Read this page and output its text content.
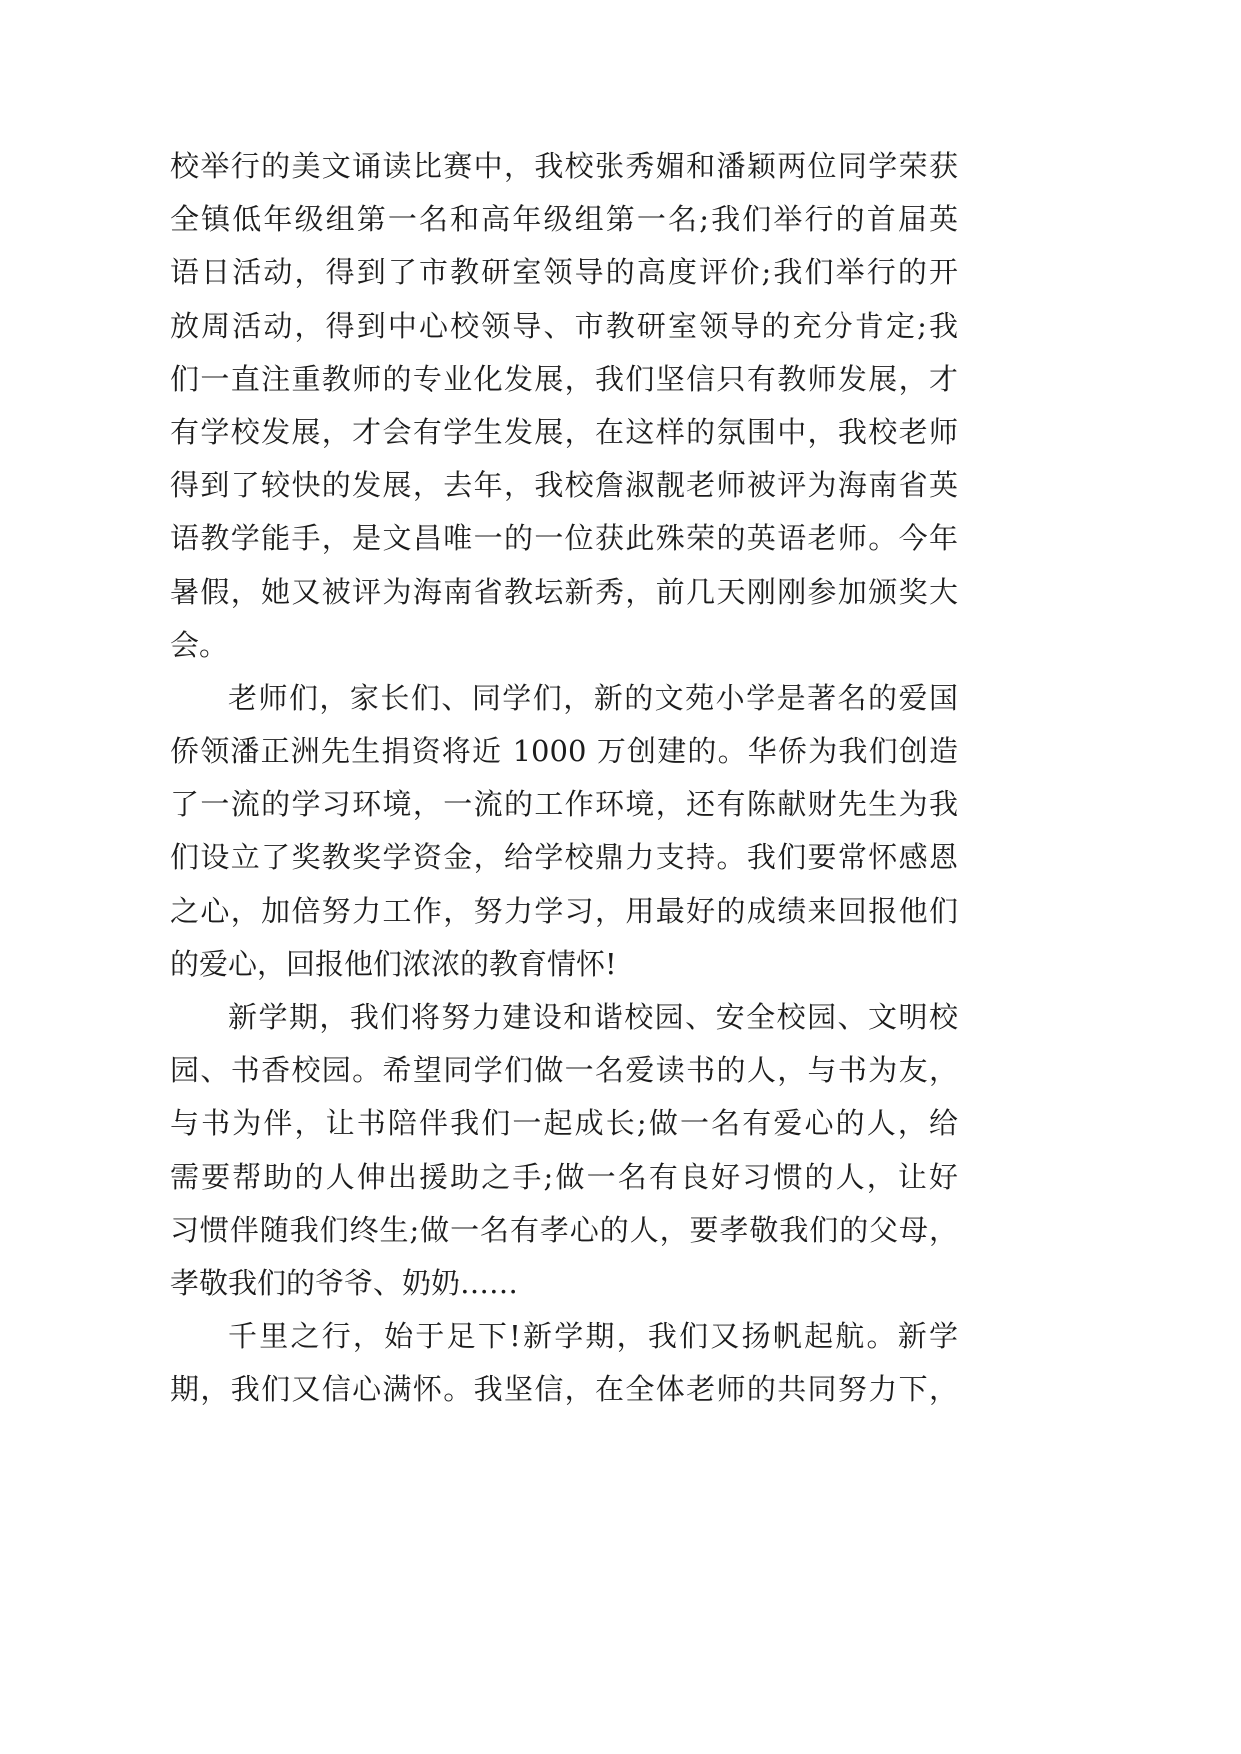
校举行的美文诵读比赛中，我校张秀媚和潘颖两位同学荣获
全镇低年级组第一名和高年级组第一名;我们举行的首届英
语日活动，得到了市教研室领导的高度评价;我们举行的开
放周活动，得到中心校领导、市教研室领导的充分肯定;我
们一直注重教师的专业化发展，我们坚信只有教师发展，才
有学校发展，才会有学生发展，在这样的氛围中，我校老师
得到了较快的发展，去年，我校詹淑靓老师被评为海南省英
语教学能手，是文昌唯一的一位获此殊荣的英语老师。今年
暑假，她又被评为海南省教坛新秀，前几天刚刚参加颁奖大
会。
老师们，家长们、同学们，新的文苑小学是著名的爱国
侨领潘正洲先生捐资将近 1000 万创建的。华侨为我们创造
了一流的学习环境，一流的工作环境，还有陈献财先生为我
们设立了奖教奖学资金，给学校鼎力支持。我们要常怀感恩
之心，加倍努力工作，努力学习，用最好的成绩来回报他们
的爱心，回报他们浓浓的教育情怀!
新学期，我们将努力建设和谐校园、安全校园、文明校
园、书香校园。希望同学们做一名爱读书的人，与书为友，
与书为伴，让书陪伴我们一起成长;做一名有爱心的人，给
需要帮助的人伸出援助之手;做一名有良好习惯的人，让好
习惯伴随我们终生;做一名有孝心的人，要孝敬我们的父母，
孝敬我们的爷爷、奶奶……
千里之行，始于足下!新学期，我们又扬帆起航。新学
期，我们又信心满怀。我坚信，在全体老师的共同努力下，
